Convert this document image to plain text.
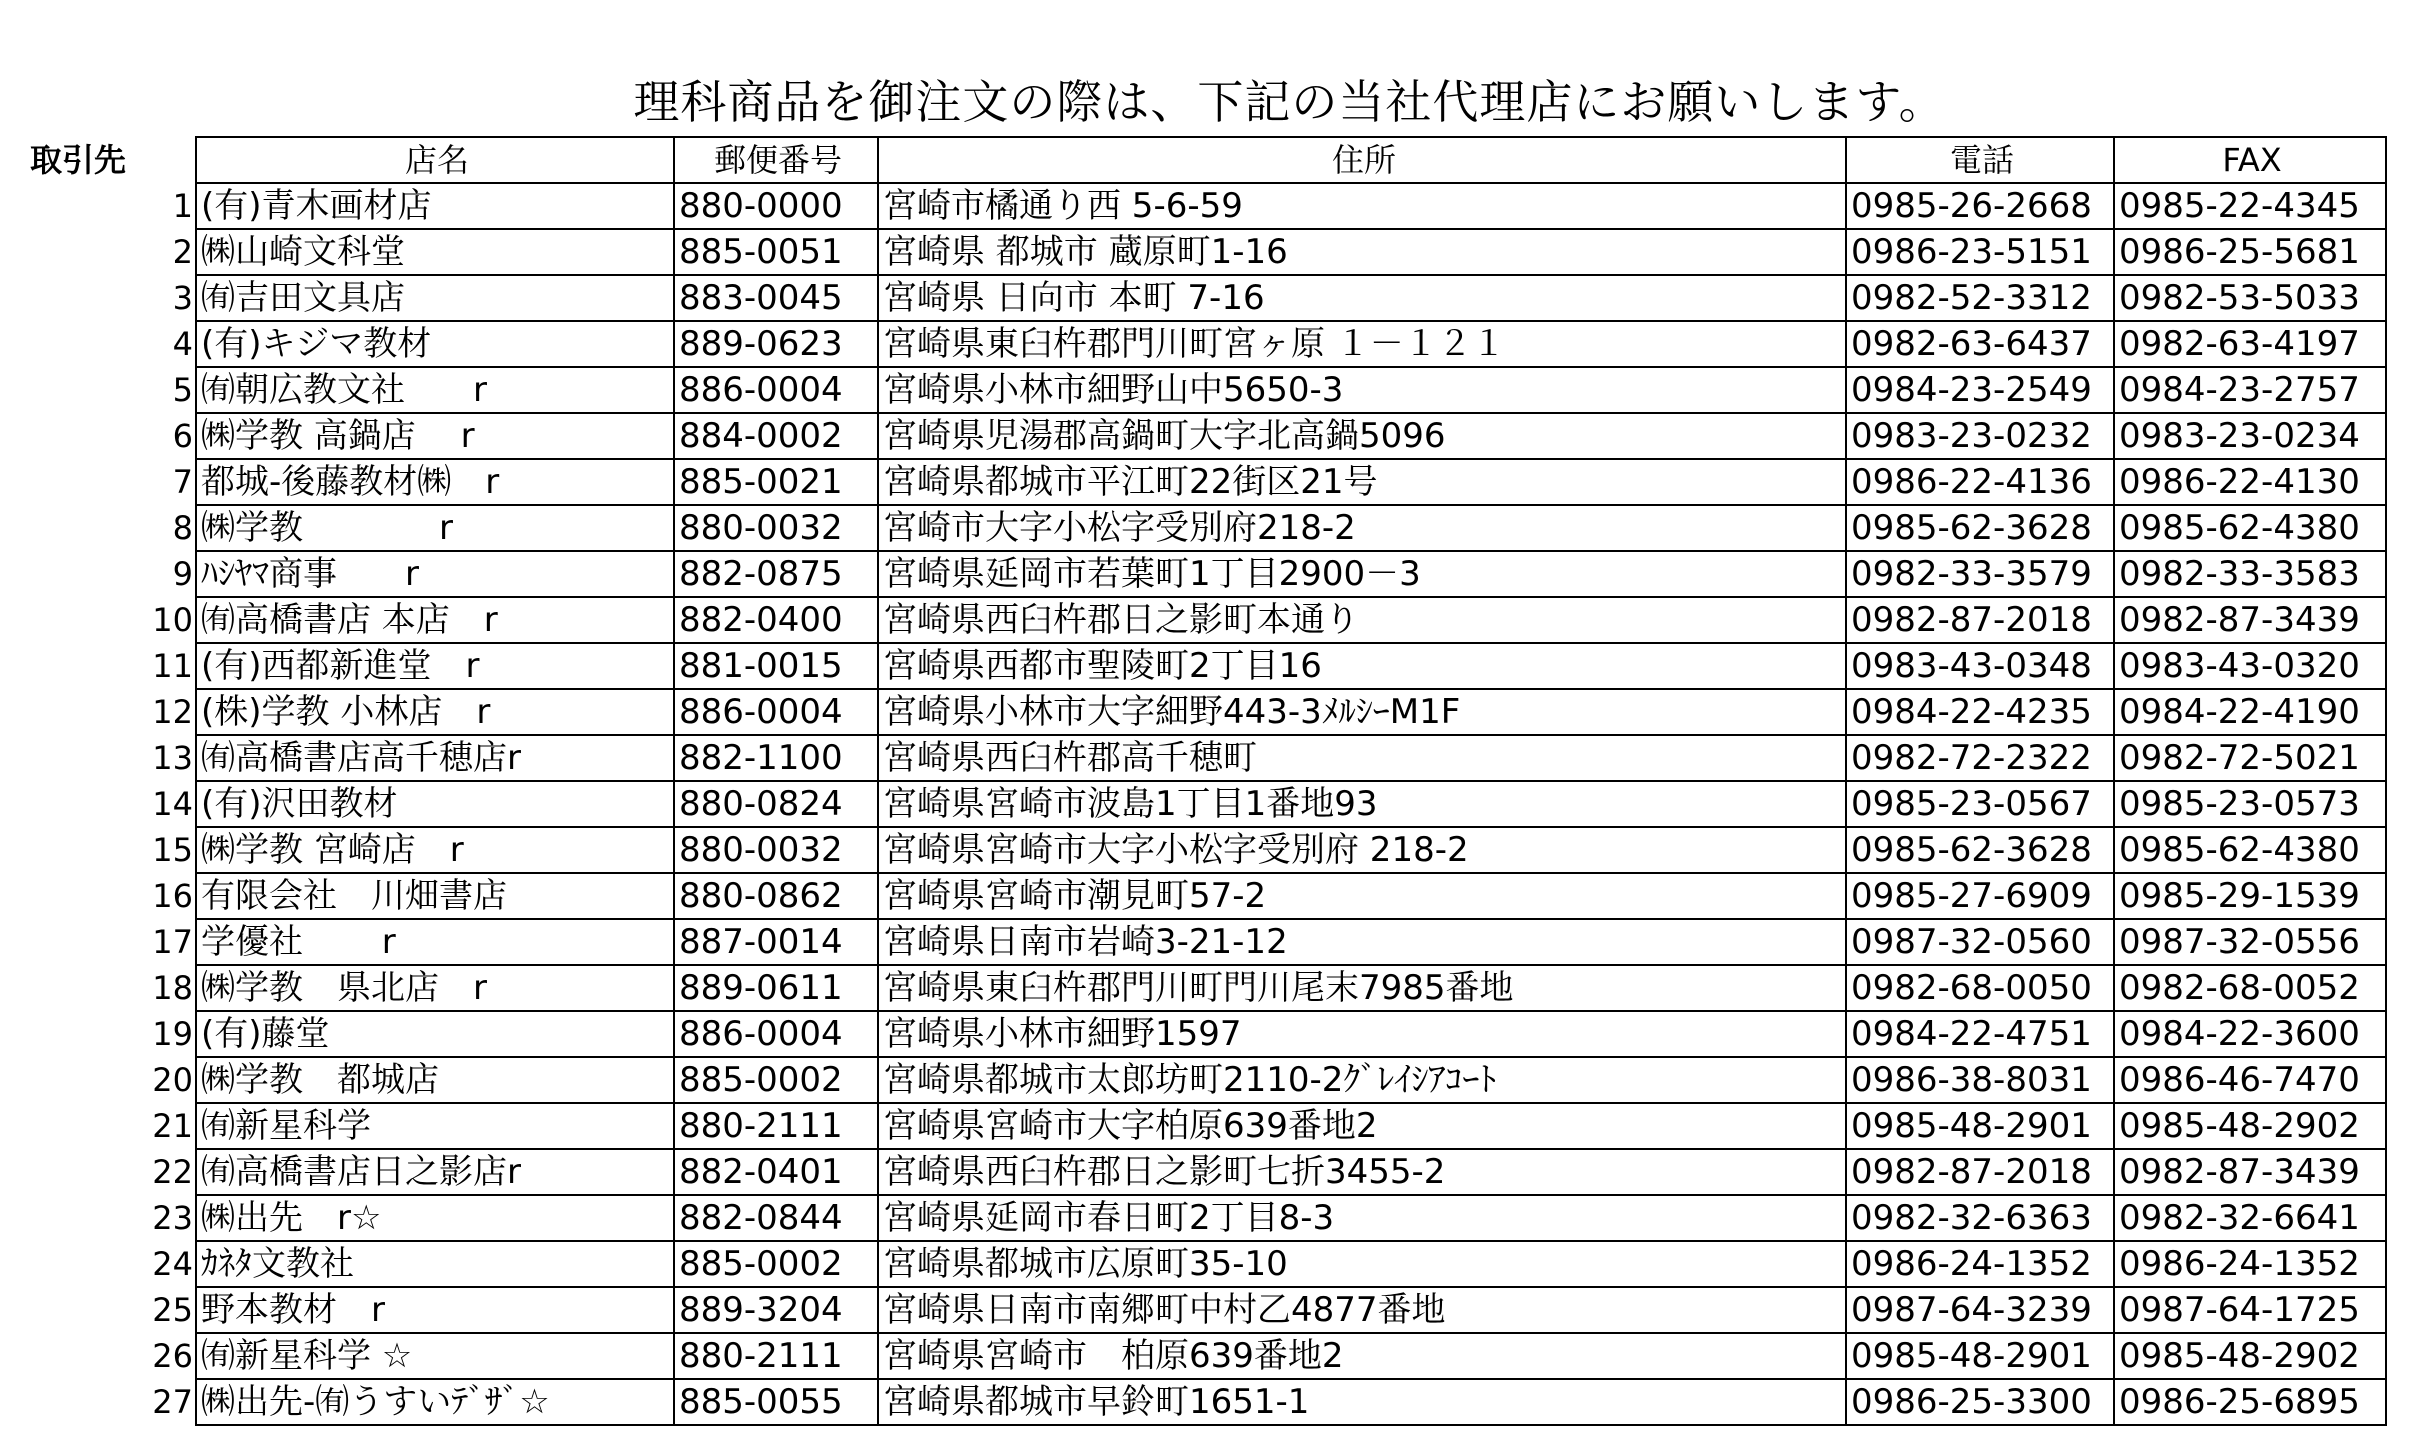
理科商品を御注文の際は、下記の当社代理店にお願いします。
取引先
		店名	郵便番号	住所	電話	FAX
1	(有)青木画材店	880-0000	宮崎市橘通り西 5-6-59	0985-26-2668	0985-22-4345
2	㈱山崎文科堂	885-0051	宮崎県 都城市 蔵原町1-16	0986-23-5151	0986-25-5681
3	㈲吉田文具店	883-0045	宮崎県 日向市 本町 7-16	0982-52-3312	0982-53-5033
4	(有)キジマ教材	889-0623	宮崎県東臼杵郡門川町宮ヶ原 １－１２１	0982-63-6437	0982-63-4197
5	㈲朝広教文社　　r	886-0004	宮崎県小林市細野山中5650-3	0984-23-2549	0984-23-2757
6	㈱学教 高鍋店　 r	884-0002	宮崎県児湯郡高鍋町大字北高鍋5096	0983-23-0232	0983-23-0234
7	都城-後藤教材㈱　r	885-0021	宮崎県都城市平江町22街区21号	0986-22-4136	0986-22-4130
8	㈱学教　　　　r	880-0032	宮崎市大字小松字受別府218-2	0985-62-3628	0985-62-4380
9	ﾊｼﾔﾏ商事　　r	882-0875	宮崎県延岡市若葉町1丁目2900－3	0982-33-3579	0982-33-3583
10	㈲高橋書店 本店　r	882-0400	宮崎県西臼杵郡日之影町本通り	0982-87-2018	0982-87-3439
11	(有)西都新進堂　r	881-0015	宮崎県西都市聖陵町2丁目16	0983-43-0348	0983-43-0320
12	(株)学教 小林店　r	886-0004	宮崎県小林市大字細野443-3ﾒﾙｼｰM1F	0984-22-4235	0984-22-4190
13	㈲高橋書店高千穂店r	882-1100	宮崎県西臼杵郡高千穂町	0982-72-2322	0982-72-5021
14	(有)沢田教材	880-0824	宮崎県宮崎市波島1丁目1番地93	0985-23-0567	0985-23-0573
15	㈱学教 宮崎店　r	880-0032	宮崎県宮崎市大字小松字受別府 218-2	0985-62-3628	0985-62-4380
16	有限会社　川畑書店	880-0862	宮崎県宮崎市潮見町57-2	0985-27-6909	0985-29-1539
17	学優社　　 r	887-0014	宮崎県日南市岩崎3-21-12	0987-32-0560	0987-32-0556
18	㈱学教　県北店　r	889-0611	宮崎県東臼杵郡門川町門川尾末7985番地	0982-68-0050	0982-68-0052
19	(有)藤堂	886-0004	宮崎県小林市細野1597	0984-22-4751	0984-22-3600
20	㈱学教　都城店	885-0002	宮崎県都城市太郎坊町2110-2ｸﾞﾚｲｼｱｺｰﾄ	0986-38-8031	0986-46-7470
21	㈲新星科学	880-2111	宮崎県宮崎市大字柏原639番地2	0985-48-2901	0985-48-2902
22	㈲高橋書店日之影店r	882-0401	宮崎県西臼杵郡日之影町七折3455-2	0982-87-2018	0982-87-3439
23	㈱出先　r☆	882-0844	宮崎県延岡市春日町2丁目8-3	0982-32-6363	0982-32-6641
24	ｶﾈﾀ文教社	885-0002	宮崎県都城市広原町35-10	0986-24-1352	0986-24-1352
25	野本教材　r	889-3204	宮崎県日南市南郷町中村乙4877番地	0987-64-3239	0987-64-1725
26	㈲新星科学 ☆	880-2111	宮崎県宮崎市　柏原639番地2	0985-48-2901	0985-48-2902
27	㈱出先-㈲うすいﾃﾞｻﾞ☆	885-0055	宮崎県都城市早鈴町1651-1	0986-25-3300	0986-25-6895
